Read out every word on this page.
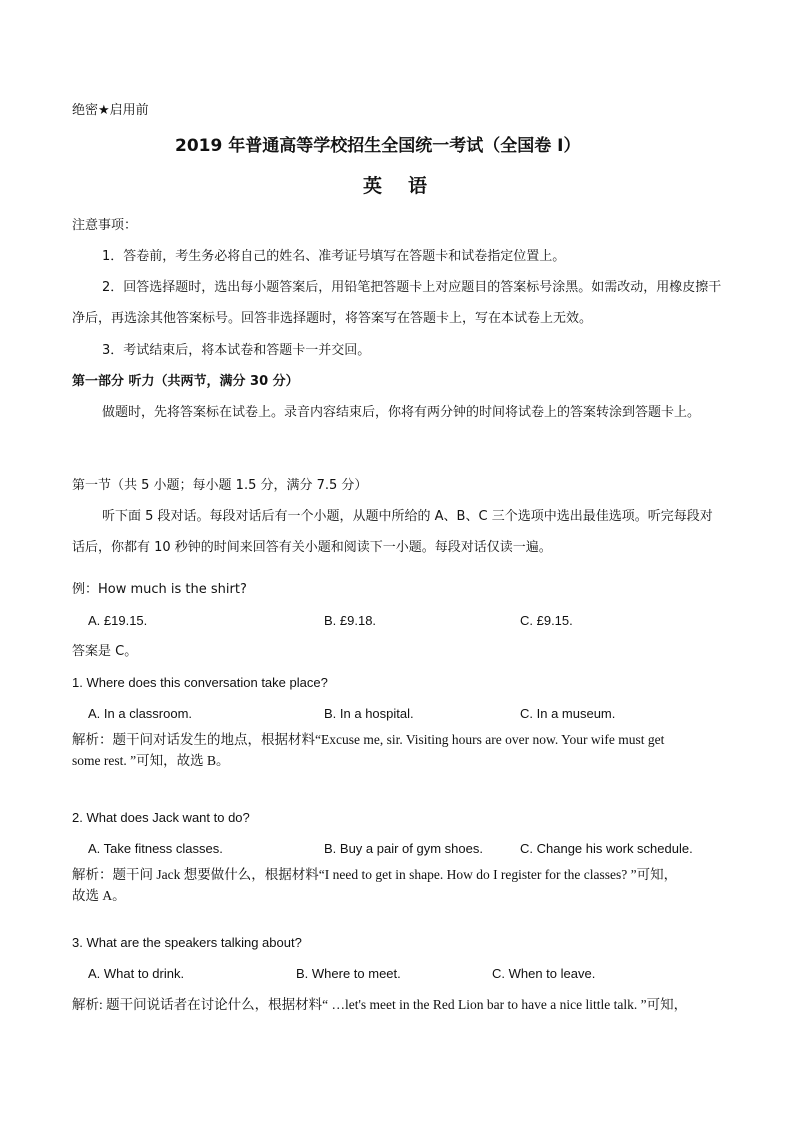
绝密★启用前
2019 年普通高等学校招生全国统一考试（全国卷 I）
英语
注意事项：
1．答卷前，考生务必将自己的姓名、准考证号填写在答题卡和试卷指定位置上。
2．回答选择题时，选出每小题答案后，用铅笔把答题卡上对应题目的答案标号涂黑。如需改动，用橡皮擦干净后，再选涂其他答案标号。回答非选择题时，将答案写在答题卡上，写在本试卷上无效。
3．考试结束后，将本试卷和答题卡一并交回。
第一部分 听力（共两节，满分 30 分）
做题时，先将答案标在试卷上。录音内容结束后，你将有两分钟的时间将试卷上的答案转涂到答题卡上。
第一节（共 5 小题；每小题 1.5 分，满分 7.5 分）
听下面 5 段对话。每段对话后有一个小题，从题中所给的 A、B、C 三个选项中选出最佳选项。听完每段对话后，你都有 10 秒钟的时间来回答有关小题和阅读下一小题。每段对话仅读一遍。
例：How much is the shirt?
A. £19.15.	B. £9.18.	C. £9.15.
答案是 C。
1. Where does this conversation take place?
A. In a classroom.	B. In a hospital.	C. In a museum.
解析：题干问对话发生的地点，根据材料“Excuse me, sir. Visiting hours are over now. Your wife must get
some rest. ”可知，故选 B。
2. What does Jack want to do?
A. Take fitness classes.	B. Buy a pair of gym shoes.	C. Change his work schedule.
解析：题干问 Jack 想要做什么，根据材料“I need to get in shape. How do I register for the classes? ”可知，
故选 A。
3. What are the speakers talking about?
A. What to drink.	B. Where to meet.	C. When to leave.
解析: 题干问说话者在讨论什么，根据材料“ …let's meet in the Red Lion bar to have a nice little talk. ”可知，
